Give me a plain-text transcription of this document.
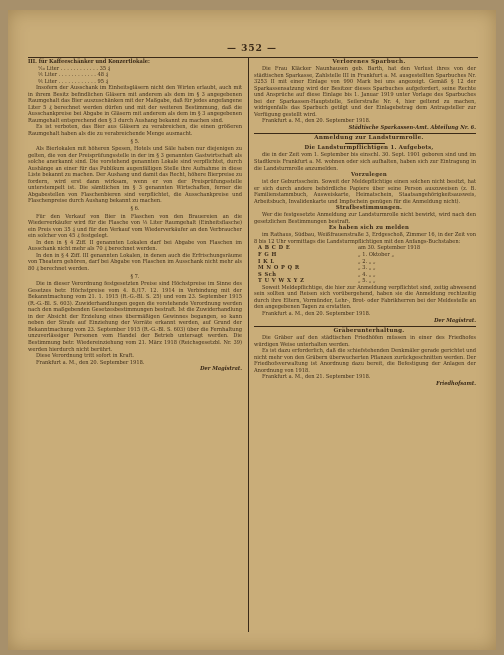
— 352 —

III. für Kaffeeschänker und Konzertlokale:

⅒ Liter . . . . . . . . . . . . 35 ₰
⅕ Liter . . . . . . . . . . . . 48 ₰
⅖ Liter . . . . . . . . . . . . 95 ₰

Insofern der Ausschank im Einheitsgläsern nicht den Wirten erlaubt, auch mit in ihrem Besitz befindlichen Gläsern mit anderem als dem im § 3 angegebenen Raumgehalt das Bier auszuschänken mit der Maßgabe, daß für jedes angefangene Liter 5 ₰ berechnet werden dürfen und mit der weiteren Bestimmung, daß die Ausschankpreise bei Abgabe in Gläsern mit anderem als dem im § 3 angegebenen Raumgehalt entsprechend den § 3 durch Aushang bekannt zu machen sind.

Es ist verboten, das Bier aus Gläsern zu verabreichen, die einen größeren Raumgehalt haben als die zu verabreichende Menge ausmacht.

§ 5.

Als Bierlokalen mit höheren Spesen, Hotels und Säle haben nur diejenigen zu gelten, die von der Preisprüfungsstelle in der im § 3 genannten Gastwirtschaft als solche anerkannt sind. Die vorstehend genannten Lokale sind verpflichtet, durch Aushänge an einer für das Publikum augenfälligen Stelle ihre Aufnahme in diese Liste bekannt zu machen. Der Aushang und damit das Recht, höhere Bierpreise zu fordern, wird erst dann wirksam, wenn er von der Preisprüfungsstelle unterstempelt ist. Die sämtlichen im § 3 genannten Wirtschaften, ferner die Abgabestellen von Flaschenbieren sind verpflichtet, die Ausschankpreise und Flaschenpreise durch Aushang bekannt zu machen.

§ 6.

Für den Verkauf von Bier in Flaschen von den Brauereien an die Wiederverkäufer wird für die Flasche von ⅓ Liter Raumgehalt (Einheitsflasche) ein Preis von 35 ₰ und für den Verkauf vom Wiederverkäufer an den Verbraucher ein solcher von 45 ₰ festgelegt.

In den in § 4 Ziff. II genannten Lokalen darf bei Abgabe von Flaschen im Ausschank nicht mehr als 70 ₰ berechnet werden.

In den in § 4 Ziff. III genannten Lokalen, in denen auch die Erfrischungsräume von Theatern gehören, darf bei Abgabe von Flaschen im Ausschank nicht mehr als 80 ₰ berechnet werden.

§ 7.

Die in dieser Verordnung festgesetzten Preise sind Höchstpreise im Sinne des Gesetzes betr. Höchstpreise vom 4. 8./17. 12. 1914 in Verbindung mit der Bekanntmachung vom 21. 1. 1915 (R.-G.-Bl. S. 25) und vom 23. September 1915 (R.-G.-Bl. S. 603). Zuwiderhandlungen gegen die vorstehende Verordnung werden nach den maßgebenden Gesetzesbestimmungen bestraft. Ist die Zuwiderhandlung in der Absicht der Erzielung eines übermäßigen Gewinnes begangen, so kann neben der Strafe auf Einziehung der Vorräte erkannt werden, auf Grund der Bekanntmachung vom 23. September 1915 (R.-G.-Bl. S. 603) über die Fernhaltung unzuverlässiger Personen vom Handel der Betrieb untersagt werden. Die Bestimmung betr. Wiedereinziehung vom 21. März 1918 (Reichsgesetzbl. Nr. 39) werden hierdurch nicht berührt.

Diese Verordnung tritt sofort in Kraft.

Frankfurt a. M., den 20. September 1918.

Der Magistrat.

Verlorenes Sparbuch.

Die Frau Kläcker Naunhausen geb. Barth, hat den Verlust ihres von der städtischen Sparkasse, Zahlstelle III in Frankfurt a. M. ausgestellten Sparbuches Nr. 3253 II mit einer Einlage von 990 Mark bei uns angezeigt. Gemäß § 12 der Sparkassensatzung wird der Besitzer dieses Sparbuches aufgefordert, seine Rechte und Ansprüche auf diese Einlage bis 1. Januar 1919 unter Vorlage des Sparbuches bei der Sparkassen-Hauptstelle, Seilerstraße Nr. 4, hier geltend zu machen, widrigenfalls das Sparbuch getilgt und der Einlagebetrag dem Antragsteller zur Verfügung gestellt wird.

Frankfurt a. M., den 20. September 1918.

Städtische Sparkassen-Amt. Abteilung Nr. 6.

Anmeldung zur Landsturmrolle.

Die Landsturmpflichtigen 1. Aufgebots,

die in der Zeit vom 1. September bis einschl. 30. Sept. 1901 geboren sind und im Stadtkreis Frankfurt a. M. wohnen oder sich aufhalten, haben sich zur Eintragung in die Landsturmrolle anzumelden.

Vorzulegen

ist der Geburtsschein. Soweit der Meldepflichtige einen solchen nicht besitzt, hat er sich durch andere behördliche Papiere über seine Person auszuweisen (z. B. Familienstammbuch, Ausweiskarte, Heimatschein, Staatsangehörigkeitsausweis, Arbeitsbuch, Invalidenkarte und Impfschein genügen für die Anmeldung nicht).

Strafbestimmungen.

Wer die festgesetzte Anmeldung zur Landsturmrolle nicht bewirkt, wird nach den gesetzlichen Bestimmungen bestraft.

Es haben sich zu melden

im Rathaus, Südbau, Weißfrauenstraße 3, Erdgeschoß, Zimmer 16, in der Zeit von 8 bis 12 Uhr vormittags die Landsturmpflichtigen mit den Anfangs-Buchstaben:

A B C D E	am 30. September 1918
F G H	„ 1. Oktober „
I K L	„ 2. „ „
M N O P Q R	„ 3. „ „
S Sch	„ 4. „ „
T U V W X Y Z	„ 5. „ „

Soweit Meldepflichtige, die hier zur Anmeldung verpflichtet sind, zeitig abwesend sein sollten und Reisen sich vorübergehend, haben sie die Anmeldung rechtzeitig durch ihre Eltern, Vormünder, Lehr-, Brot- oder Fabrikherren bei der Meldestelle an den angegebenen Tagen zu erstatten.

Frankfurt a. M., den 20. September 1918.

Der Magistrat.

Gräberunterhaltung.

Die Gräber auf den städtischen Friedhöfen müssen in einer des Friedhofes würdigen Weise unterhalten werden.

Es ist dazu erforderlich, daß die schiefstehenden Denkmäler gerade gerichtet und nicht mehr von den Gräbern überwucherten Pflanzen zurückgeschnitten werden. Der Friedhofsverwaltung ist Anordnung dazu bereit, die Befestigung der Anlagen der Anordnung von 1918.

Frankfurt a. M., den 21. September 1918.

Friedhofsamt.
